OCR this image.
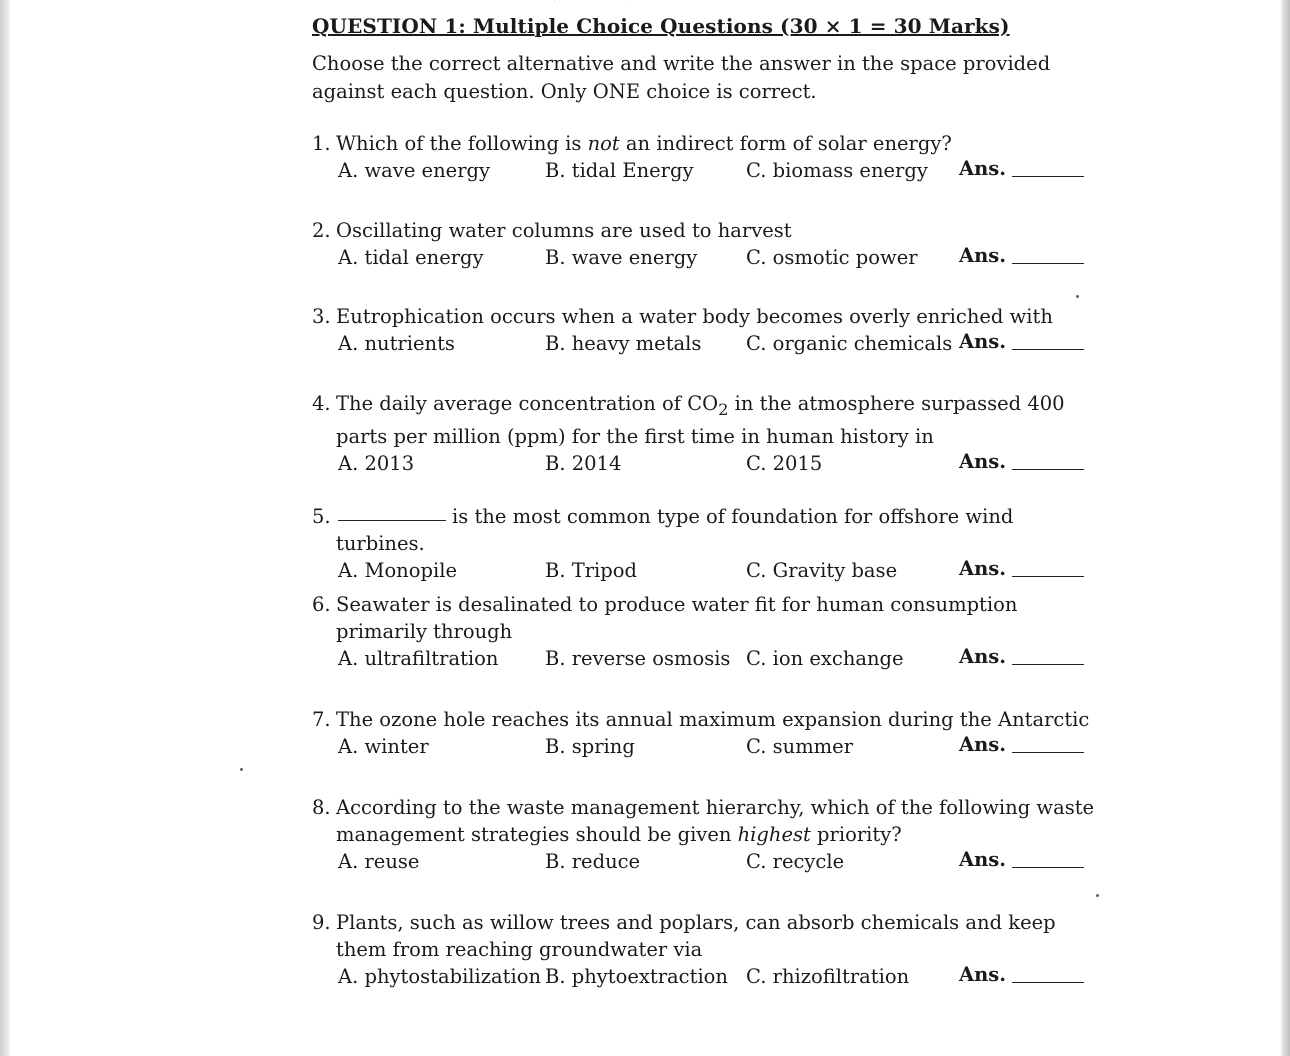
QUESTION 1: Multiple Choice Questions (30 × 1 = 30 Marks)
Choose the correct alternative and write the answer in the space provided against each question. Only ONE choice is correct.
1. Which of the following is not an indirect form of solar energy?
A. wave energy	B. tidal Energy	C. biomass energy Ans.
2. Oscillating water columns are used to harvest
A. tidal energy	B. wave energy C. osmotic power Ans.
3. Eutrophication occurs when a water body becomes overly enriched with
A. nutrients	B. heavy metals C. organic chemicals Ans.
4. The daily average concentration of $CO_2$ in the atmosphere surpassed 400 parts per million (ppm) for the first time in human history in
A. 2013	B. 2014	C. 2015	Ans.
5.	is the most common type of foundation for offshore wind turbines.
A. Monopile	B. Tripod	C. Gravity base	Ans.
6. Seawater is desalinated to produce water fit for human consumption primarily through
A. ultrafiltration B. reverse osmosis C. ion exchange	Ans.
7. The ozone hole reaches its annual maximum expansion during the Antarctic
A. winter	B. spring	C. summer	Ans.
8. According to the waste management hierarchy, which of the following waste management strategies should be given highest priority?
A. reuse	B. reduce	C. recycle	Ans.
9. Plants, such as willow trees and poplars, can absorb chemicals and keep them from reaching groundwater via
A. phytostabilization B. phytoextraction C. rhizofiltration	Ans.
